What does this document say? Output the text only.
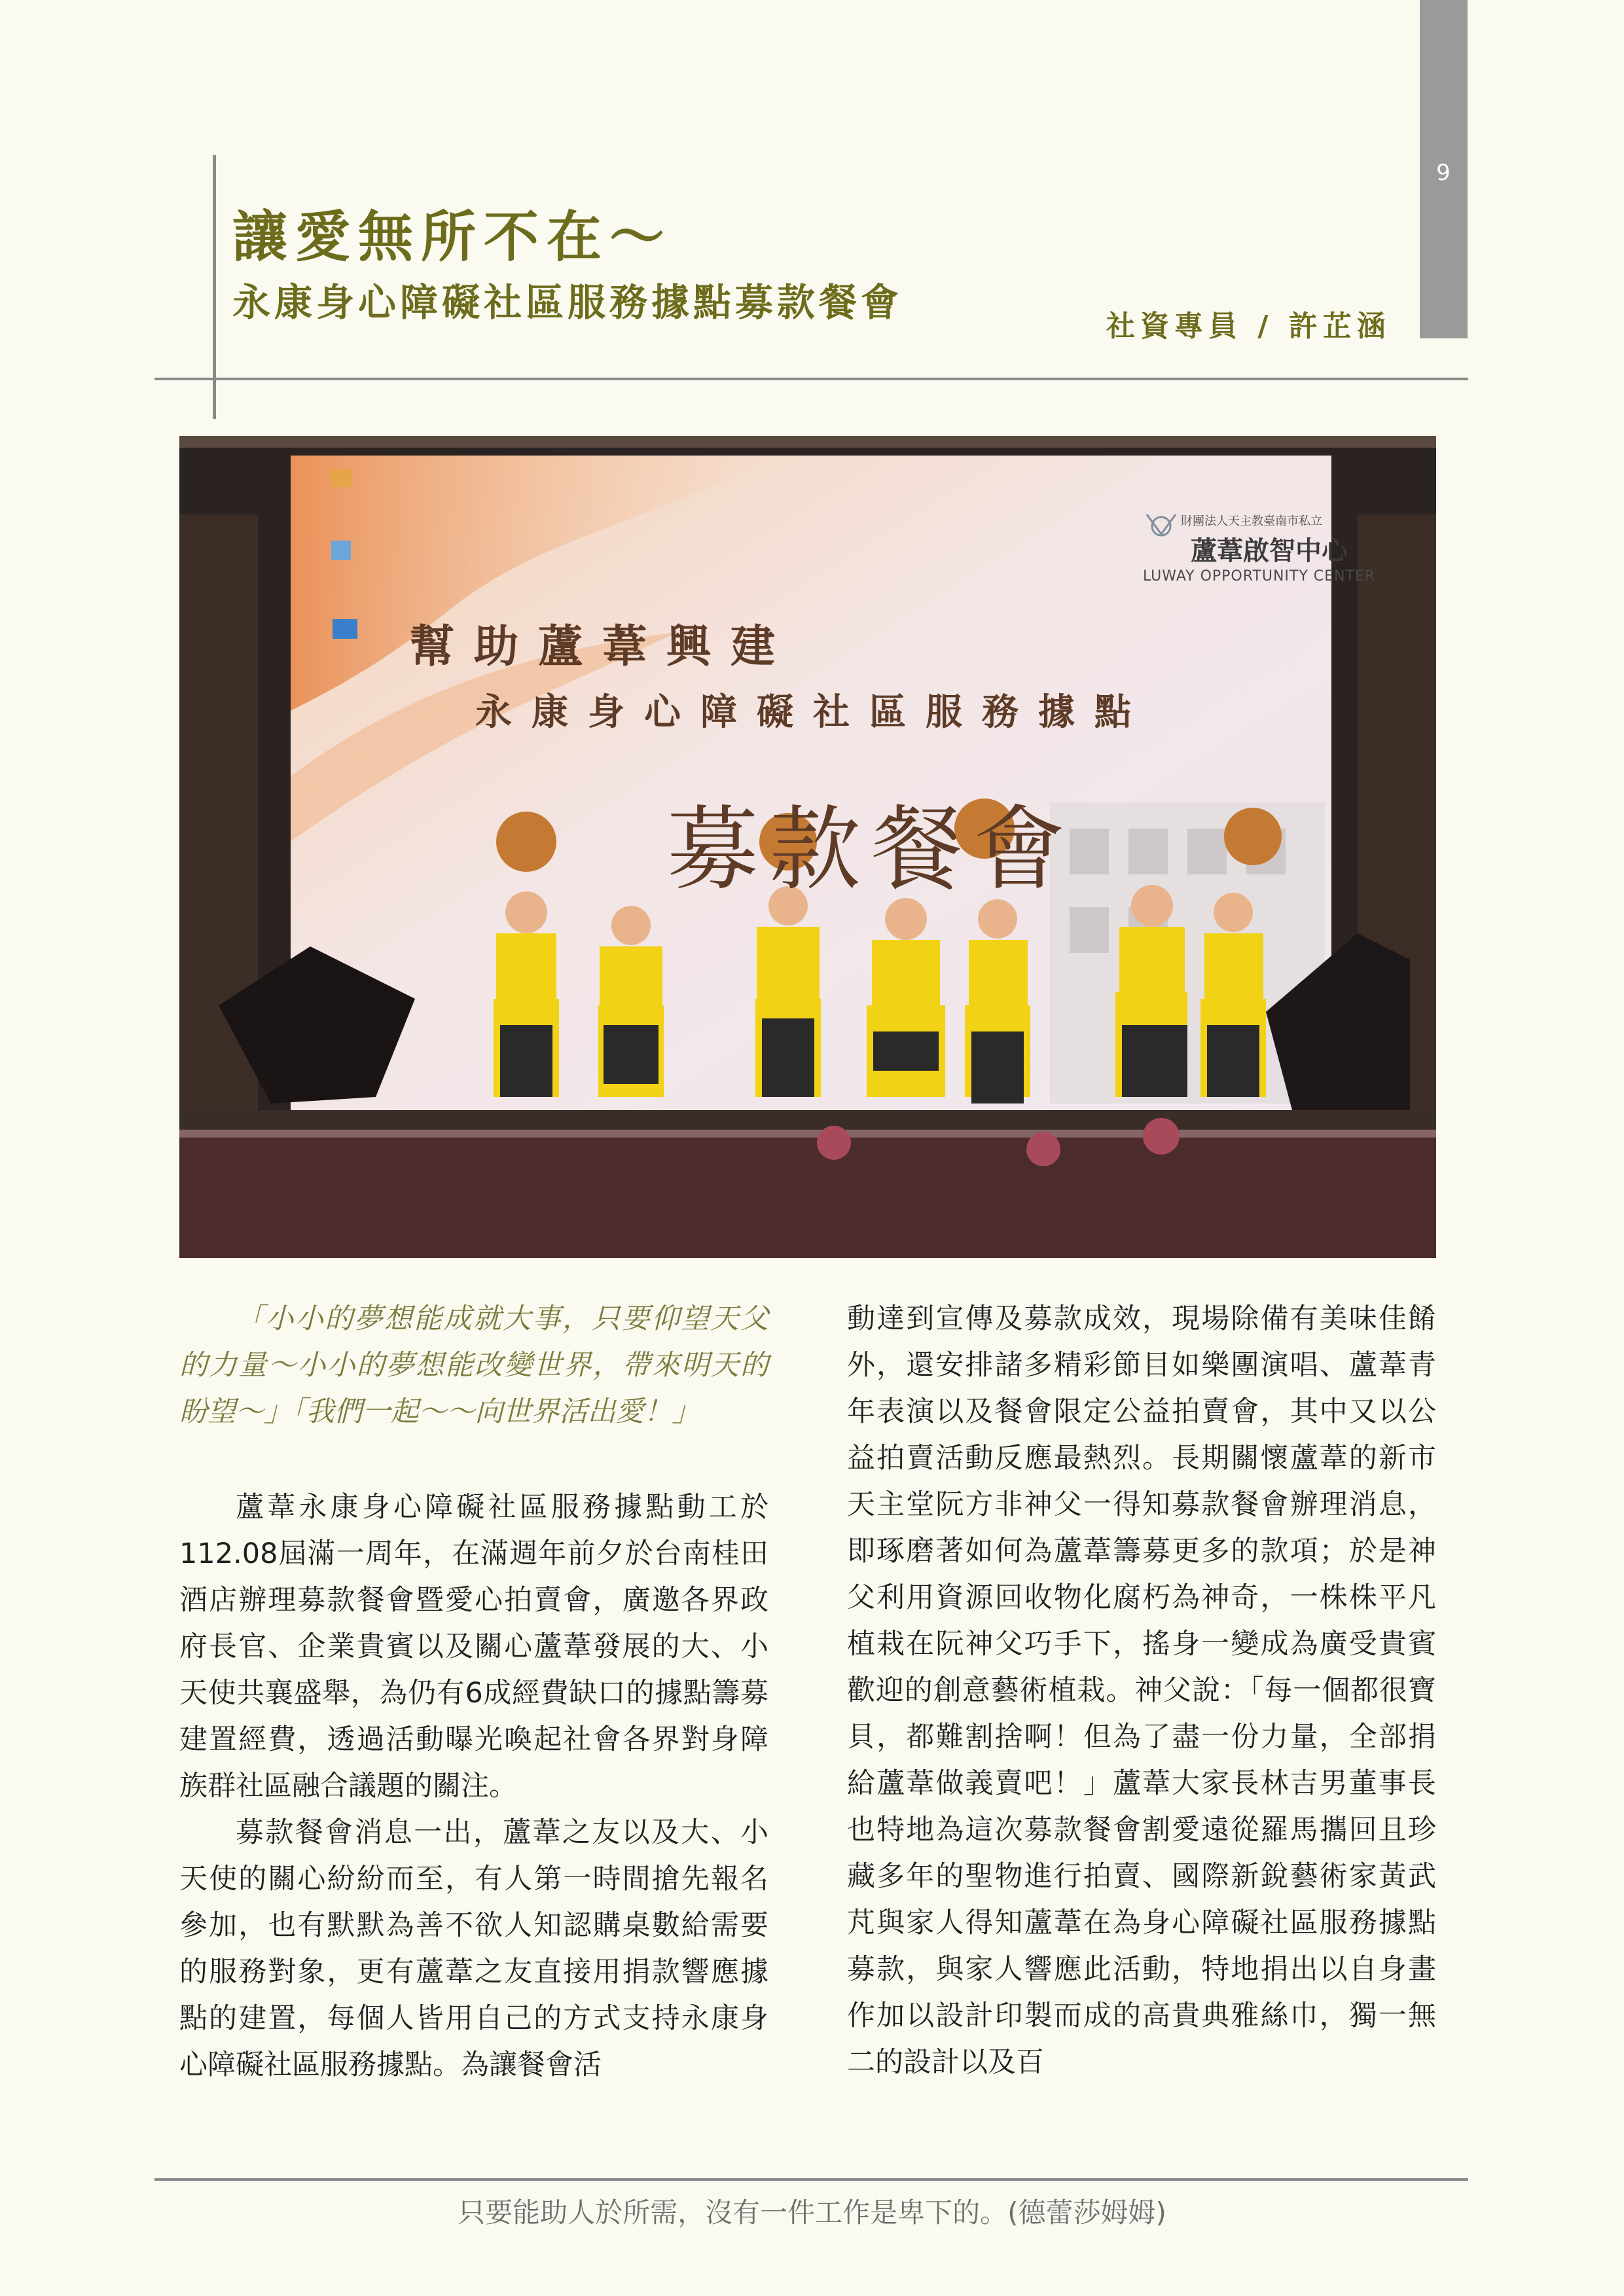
9
讓愛無所不在～
永康身心障礙社區服務據點募款餐會
社資專員 / 許芷涵
幫助蘆葦興建
永康身心障礙社區服務據點
募款餐會
財團法人天主教臺南市私立
蘆葦啟智中心
LUWAY OPPORTUNITY CENTER

「小小的夢想能成就大事，只要仰望天父的力量～小小的夢想能改變世界，帶來明天的盼望～」「我們一起～～向世界活出愛！」

蘆葦永康身心障礙社區服務據點動工於112.08屆滿一周年，在滿週年前夕於台南桂田酒店辦理募款餐會暨愛心拍賣會，廣邀各界政府長官、企業貴賓以及關心蘆葦發展的大、小天使共襄盛舉，為仍有6成經費缺口的據點籌募建置經費，透過活動曝光喚起社會各界對身障族群社區融合議題的關注。

募款餐會消息一出，蘆葦之友以及大、小天使的關心紛紛而至，有人第一時間搶先報名參加，也有默默為善不欲人知認購桌數給需要的服務對象，更有蘆葦之友直接用捐款響應據點的建置，每個人皆用自己的方式支持永康身心障礙社區服務據點。為讓餐會活

動達到宣傳及募款成效，現場除備有美味佳餚外，還安排諸多精彩節目如樂團演唱、蘆葦青年表演以及餐會限定公益拍賣會，其中又以公益拍賣活動反應最熱烈。長期關懷蘆葦的新市天主堂阮方非神父一得知募款餐會辦理消息，即琢磨著如何為蘆葦籌募更多的款項；於是神父利用資源回收物化腐朽為神奇，一株株平凡植栽在阮神父巧手下，搖身一變成為廣受貴賓歡迎的創意藝術植栽。神父說：「每一個都很寶貝，都難割捨啊！但為了盡一份力量，全部捐給蘆葦做義賣吧！」蘆葦大家長林吉男董事長也特地為這次募款餐會割愛遠從羅馬攜回且珍藏多年的聖物進行拍賣、國際新銳藝術家黃武芃與家人得知蘆葦在為身心障礙社區服務據點募款，與家人響應此活動，特地捐出以自身畫作加以設計印製而成的高貴典雅絲巾，獨一無二的設計以及百

只要能助人於所需，沒有一件工作是卑下的。(德蕾莎姆姆)
